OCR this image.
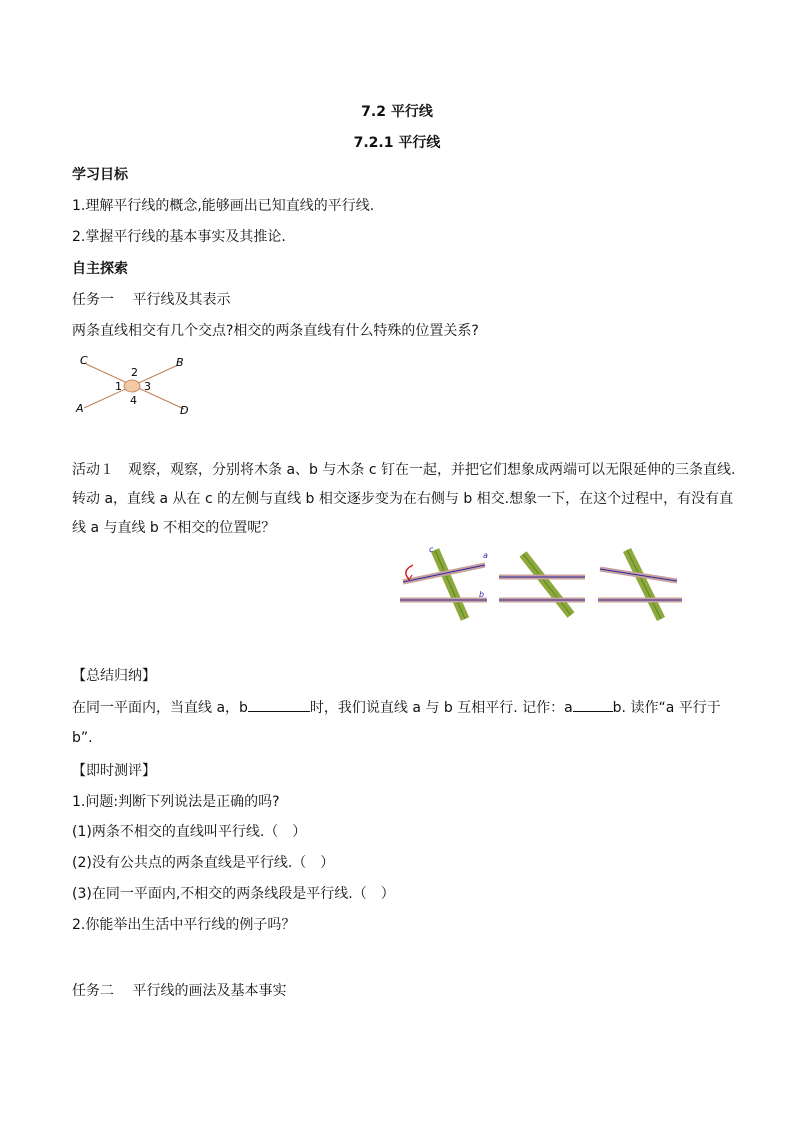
7.2 平行线
7.2.1 平行线
学习目标
1.理解平行线的概念,能够画出已知直线的平行线.
2.掌握平行线的基本事实及其推论.
自主探索
任务一　 平行线及其表示
两条直线相交有几个交点?相交的两条直线有什么特殊的位置关系?
C	B
A	D
1
2
3
4
活动１　观察，观察，分别将木条 a、b 与木条 c 钉在一起，并把它们想象成两端可以无限延伸的三条直线.
转动 a，直线 a 从在 c 的左侧与直线 b 相交逐步变为在右侧与 b 相交.想象一下，在这个过程中，有没有直
线 a 与直线 b 不相交的位置呢？
c
a
b
【总结归纳】
在同一平面内，当直线 a，b	时，我们说直线 a 与 b 互相平行. 记作：a	b. 读作“a 平行于
b”.
【即时测评】
1.问题:判断下列说法是正确的吗?
(1)两条不相交的直线叫平行线.（　）
(2)没有公共点的两条直线是平行线.（　）
(3)在同一平面内,不相交的两条线段是平行线.（　）
2.你能举出生活中平行线的例子吗？
任务二　 平行线的画法及基本事实
